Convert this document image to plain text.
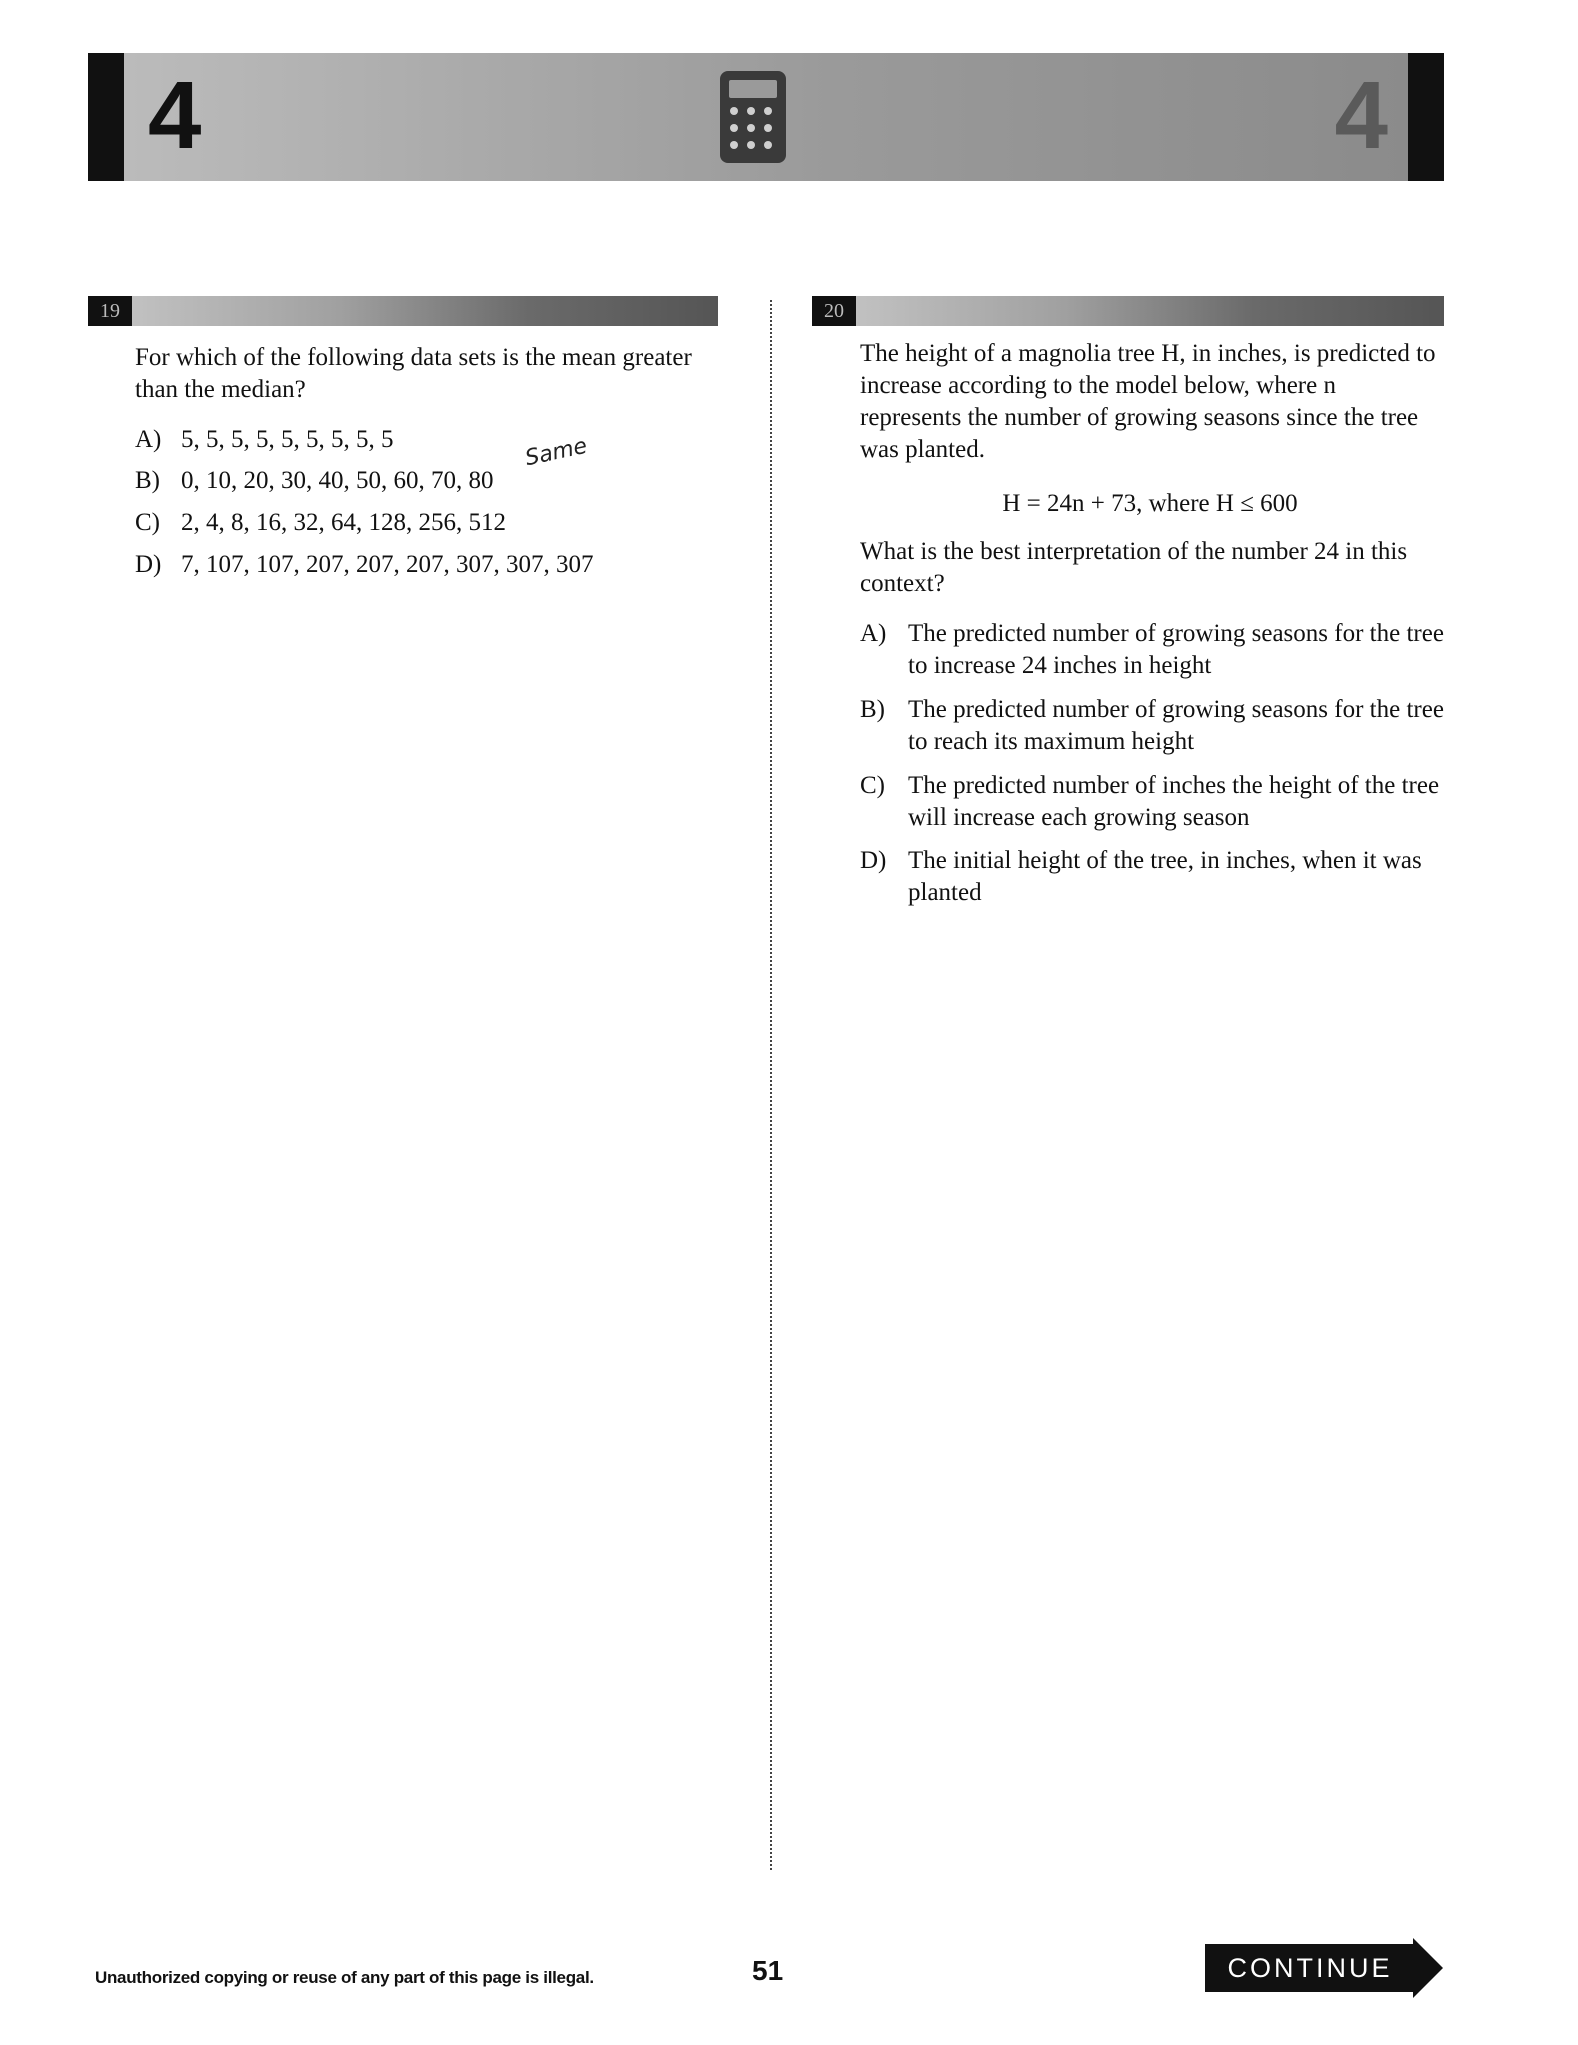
4	4
19
For which of the following data sets is the mean greater than the median?
A) 5, 5, 5, 5, 5, 5, 5, 5, 5
B) 0, 10, 20, 30, 40, 50, 60, 70, 80
C) 2, 4, 8, 16, 32, 64, 128, 256, 512
D) 7, 107, 107, 207, 207, 207, 307, 307, 307
Same
20
The height of a magnolia tree H, in inches, is predicted to increase according to the model below, where n represents the number of growing seasons since the tree was planted.
H = 24n + 73, where H ≤ 600
What is the best interpretation of the number 24 in this context?
A) The predicted number of growing seasons for the tree to increase 24 inches in height
B) The predicted number of growing seasons for the tree to reach its maximum height
C) The predicted number of inches the height of the tree will increase each growing season
D) The initial height of the tree, in inches, when it was planted
Unauthorized copying or reuse of any part of this page is illegal.	51	CONTINUE
